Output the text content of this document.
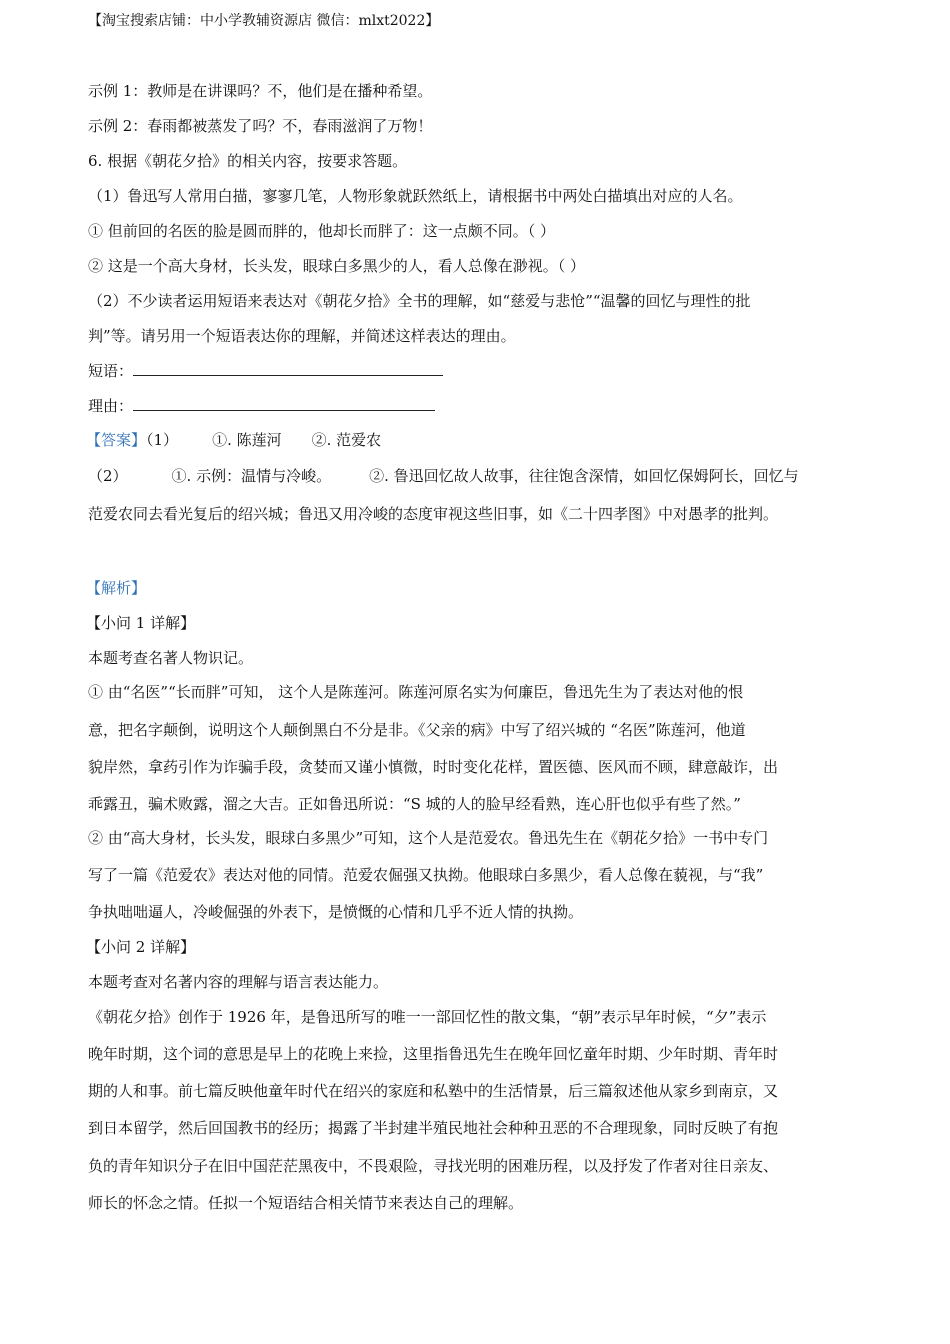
【淘宝搜索店铺：中小学教辅资源店 微信：mlxt2022】
示例 1：教师是在讲课吗？不，他们是在播种希望。
示例 2：春雨都被蒸发了吗？不，春雨滋润了万物！
6. 根据《朝花夕拾》的相关内容，按要求答题。
（1）鲁迅写人常用白描，寥寥几笔，人物形象就跃然纸上，请根据书中两处白描填出对应的人名。
① 但前回的名医的脸是圆而胖的，他却长而胖了：这一点颇不同。（ ）
② 这是一个高大身材，长头发，眼球白多黑少的人，看人总像在渺视。（ ）
（2）不少读者运用短语来表达对《朝花夕拾》全书的理解，如“慈爱与悲怆”“温馨的回忆与理性的批
判”等。请另用一个短语表达你的理解，并简述这样表达的理由。
短语：
理由：
【答案】（1） ①. 陈莲河 ②. 范爱农
（2）	①. 示例：温情与冷峻。	②. 鲁迅回忆故人故事，往往饱含深情，如回忆保姆阿长，回忆与
范爱农同去看光复后的绍兴城；鲁迅又用冷峻的态度审视这些旧事，如《二十四孝图》中对愚孝的批判。
【解析】
【小问 1 详解】
本题考查名著人物识记。
① 由“名医”“长而胖”可知， 这个人是陈莲河。陈莲河原名实为何廉臣，鲁迅先生为了表达对他的恨
意，把名字颠倒，说明这个人颠倒黑白不分是非。《父亲的病》中写了绍兴城的 “名医”陈莲河，他道
貌岸然，拿药引作为诈骗手段，贪婪而又谨小慎微，时时变化花样，置医德、医风而不顾，肆意敲诈，出
乖露丑，骗术败露，溜之大吉。正如鲁迅所说：“S 城的人的脸早经看熟，连心肝也似乎有些了然。”
② 由“高大身材，长头发，眼球白多黑少”可知，这个人是范爱农。鲁迅先生在《朝花夕拾》一书中专门
写了一篇《范爱农》表达对他的同情。范爱农倔强又执拗。他眼球白多黑少，看人总像在藐视，与“我”
争执咄咄逼人，冷峻倔强的外表下，是愤慨的心情和几乎不近人情的执拗。
【小问 2 详解】
本题考查对名著内容的理解与语言表达能力。
《朝花夕拾》创作于 1926 年，是鲁迅所写的唯一一部回忆性的散文集，“朝”表示早年时候，“夕”表示
晚年时期，这个词的意思是早上的花晚上来捡，这里指鲁迅先生在晚年回忆童年时期、少年时期、青年时
期的人和事。前七篇反映他童年时代在绍兴的家庭和私塾中的生活情景，后三篇叙述他从家乡到南京，又
到日本留学，然后回国教书的经历；揭露了半封建半殖民地社会种种丑恶的不合理现象，同时反映了有抱
负的青年知识分子在旧中国茫茫黑夜中，不畏艰险，寻找光明的困难历程，以及抒发了作者对往日亲友、
师长的怀念之情。任拟一个短语结合相关情节来表达自己的理解。
